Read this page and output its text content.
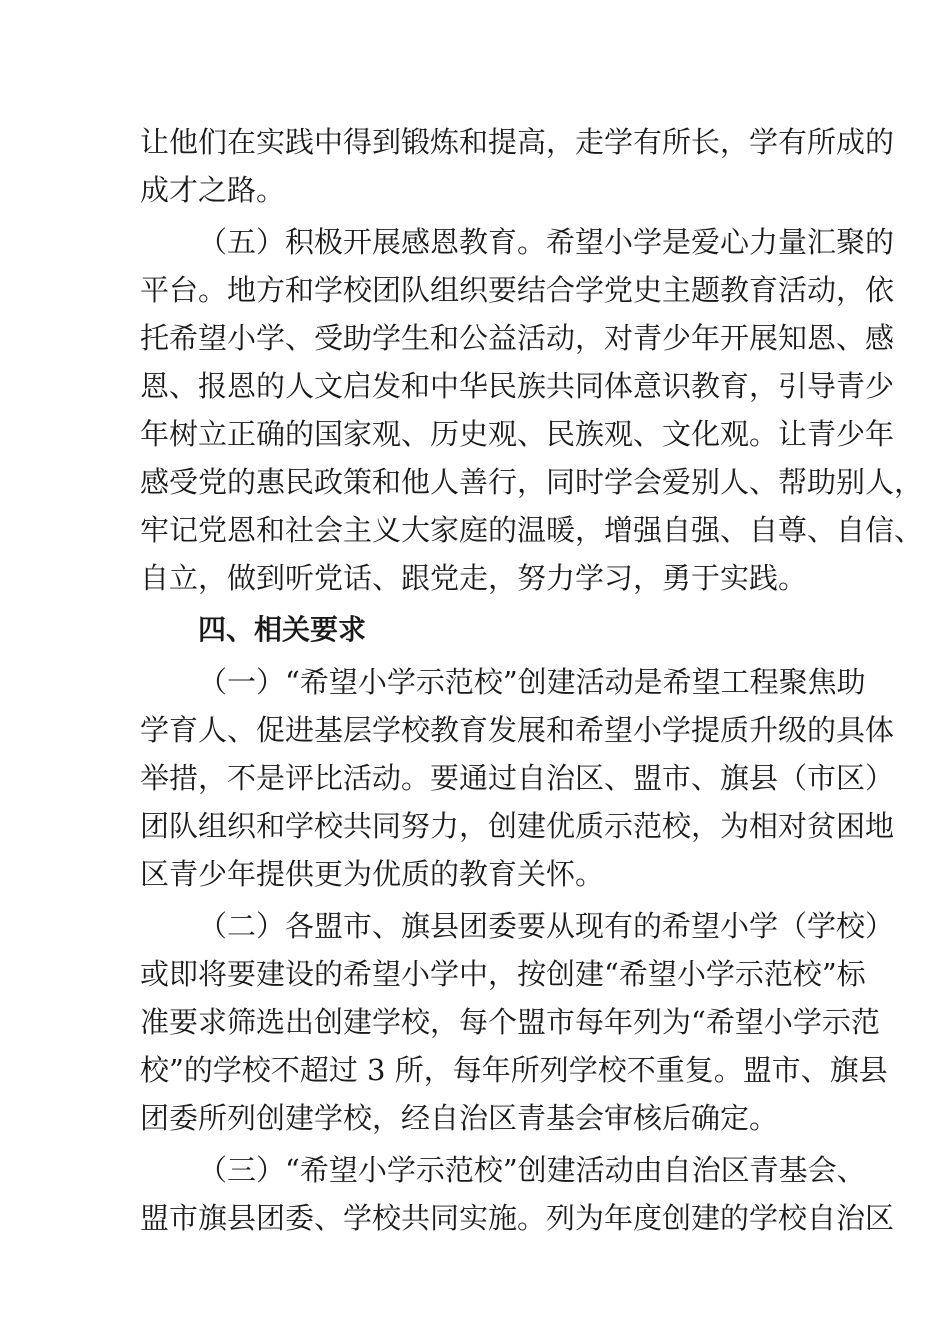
让他们在实践中得到锻炼和提高，走学有所长，学有所成的
成才之路。
（五）积极开展感恩教育。希望小学是爱心力量汇聚的
平台。地方和学校团队组织要结合学党史主题教育活动，依
托希望小学、受助学生和公益活动，对青少年开展知恩、感
恩、报恩的人文启发和中华民族共同体意识教育，引导青少
年树立正确的国家观、历史观、民族观、文化观。让青少年
感受党的惠民政策和他人善行，同时学会爱别人、帮助别人，
牢记党恩和社会主义大家庭的温暖，增强自强、自尊、自信、
自立，做到听党话、跟党走，努力学习，勇于实践。
四、相关要求
（一）“希望小学示范校”创建活动是希望工程聚焦助
学育人、促进基层学校教育发展和希望小学提质升级的具体
举措，不是评比活动。要通过自治区、盟市、旗县（市区）
团队组织和学校共同努力，创建优质示范校，为相对贫困地
区青少年提供更为优质的教育关怀。
（二）各盟市、旗县团委要从现有的希望小学（学校）
或即将要建设的希望小学中，按创建“希望小学示范校”标
准要求筛选出创建学校，每个盟市每年列为“希望小学示范
校”的学校不超过 3 所，每年所列学校不重复。盟市、旗县
团委所列创建学校，经自治区青基会审核后确定。
（三）“希望小学示范校”创建活动由自治区青基会、
盟市旗县团委、学校共同实施。列为年度创建的学校自治区
